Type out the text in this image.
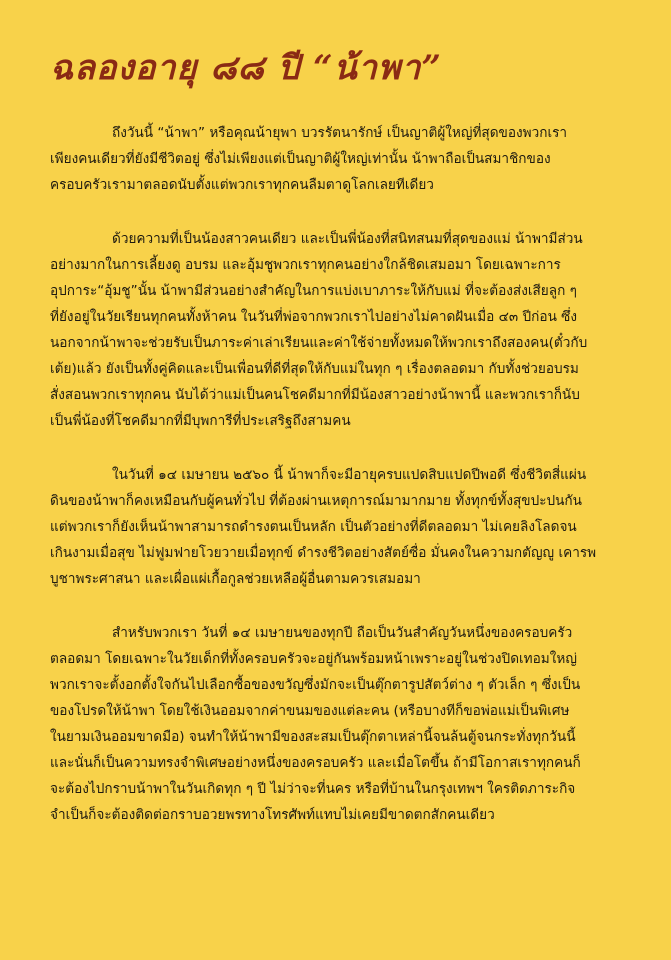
ฉลองอายุ ๘๘ ปี “น้าพา”
ถึงวันนี้ “น้าพา” หรือคุณน้ายุพา บวรรัตนารักษ์ เป็นญาติผู้ใหญ่ที่สุดของพวกเรา
เพียงคนเดียวที่ยังมีชีวิตอยู่ ซึ่งไม่เพียงแต่เป็นญาติผู้ใหญ่เท่านั้น น้าพาถือเป็นสมาชิกของ
ครอบครัวเรามาตลอดนับตั้งแต่พวกเราทุกคนลืมตาดูโลกเลยทีเดียว
ด้วยความที่เป็นน้องสาวคนเดียว และเป็นพี่น้องที่สนิทสนมที่สุดของแม่ น้าพามีส่วน
อย่างมากในการเลี้ยงดู อบรม และอุ้มชูพวกเราทุกคนอย่างใกล้ชิดเสมอมา โดยเฉพาะการ
อุปการะ“อุ้มชู”นั้น น้าพามีส่วนอย่างสำคัญในการแบ่งเบาภาระให้กับแม่ ที่จะต้องส่งเสียลูก ๆ
ที่ยังอยู่ในวัยเรียนทุกคนทั้งห้าคน ในวันที่พ่อจากพวกเราไปอย่างไม่คาดฝันเมื่อ ๔๓ ปีก่อน ซึ่ง
นอกจากน้าพาจะช่วยรับเป็นภาระค่าเล่าเรียนและค่าใช้จ่ายทั้งหมดให้พวกเราถึงสองคน(ตั๋วกับ
เต้ย)แล้ว ยังเป็นทั้งคู่คิดและเป็นเพื่อนที่ดีที่สุดให้กับแม่ในทุก ๆ เรื่องตลอดมา กับทั้งช่วยอบรม
สั่งสอนพวกเราทุกคน นับได้ว่าแม่เป็นคนโชคดีมากที่มีน้องสาวอย่างน้าพานี้ และพวกเราก็นับ
เป็นพี่น้องที่โชคดีมากที่มีบุพการีที่ประเสริฐถึงสามคน
ในวันที่ ๑๔ เมษายน ๒๕๖๐ นี้ น้าพาก็จะมีอายุครบแปดสิบแปดปีพอดี ซึ่งชีวิตสี่แผ่น
ดินของน้าพาก็คงเหมือนกับผู้คนทั่วไป ที่ต้องผ่านเหตุการณ์มามากมาย ทั้งทุกข์ทั้งสุขปะปนกัน
แต่พวกเราก็ยังเห็นน้าพาสามารถดำรงตนเป็นหลัก เป็นตัวอย่างที่ดีตลอดมา ไม่เคยลิงโลดจน
เกินงามเมื่อสุข ไม่ฟูมฟายโวยวายเมื่อทุกข์ ดำรงชีวิตอย่างสัตย์ซื่อ มั่นคงในความกตัญญู เคารพ
บูชาพระศาสนา และเผื่อแผ่เกื้อกูลช่วยเหลือผู้อื่นตามควรเสมอมา
สำหรับพวกเรา วันที่ ๑๔ เมษายนของทุกปี ถือเป็นวันสำคัญวันหนึ่งของครอบครัว
ตลอดมา โดยเฉพาะในวัยเด็กที่ทั้งครอบครัวจะอยู่กันพร้อมหน้าเพราะอยู่ในช่วงปิดเทอมใหญ่
พวกเราจะตั้งอกตั้งใจกันไปเลือกซื้อของขวัญซึ่งมักจะเป็นตุ๊กตารูปสัตว์ต่าง ๆ ตัวเล็ก ๆ ซึ่งเป็น
ของโปรดให้น้าพา โดยใช้เงินออมจากค่าขนมของแต่ละคน (หรือบางทีก็ขอพ่อแม่เป็นพิเศษ
ในยามเงินออมขาดมือ) จนทำให้น้าพามีของสะสมเป็นตุ๊กตาเหล่านี้จนล้นตู้จนกระทั่งทุกวันนี้
และนั่นก็เป็นความทรงจำพิเศษอย่างหนึ่งของครอบครัว และเมื่อโตขึ้น ถ้ามีโอกาสเราทุกคนก็
จะต้องไปกราบน้าพาในวันเกิดทุก ๆ ปี ไม่ว่าจะที่นคร หรือที่บ้านในกรุงเทพฯ ใครติดภาระกิจ
จำเป็นก็จะต้องติดต่อกราบอวยพรทางโทรศัพท์แทบไม่เคยมีขาดตกสักคนเดียว
